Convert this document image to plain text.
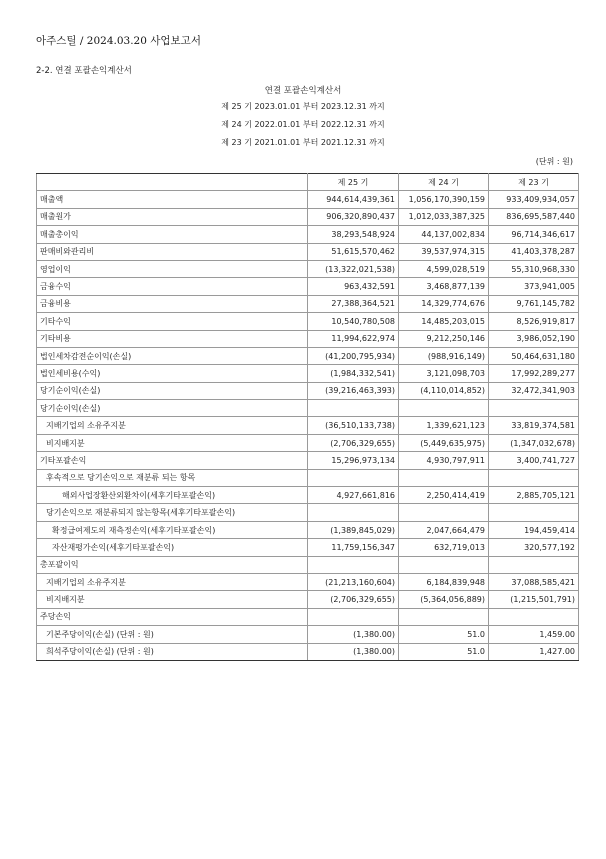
아주스틸 / 2024.03.20 사업보고서
2-2. 연결 포괄손익계산서
연결 포괄손익계산서
제 25 기 2023.01.01 부터 2023.12.31 까지
제 24 기 2022.01.01 부터 2022.12.31 까지
제 23 기 2021.01.01 부터 2021.12.31 까지
(단위 : 원)
	제 25 기	제 24 기	제 23 기
매출액	944,614,439,361	1,056,170,390,159	933,409,934,057
매출원가	906,320,890,437	1,012,033,387,325	836,695,587,440
매출총이익	38,293,548,924	44,137,002,834	96,714,346,617
판매비와관리비	51,615,570,462	39,537,974,315	41,403,378,287
영업이익	(13,322,021,538)	4,599,028,519	55,310,968,330
금융수익	963,432,591	3,468,877,139	373,941,005
금융비용	27,388,364,521	14,329,774,676	9,761,145,782
기타수익	10,540,780,508	14,485,203,015	8,526,919,817
기타비용	11,994,622,974	9,212,250,146	3,986,052,190
법인세차감전순이익(손실)	(41,200,795,934)	(988,916,149)	50,464,631,180
법인세비용(수익)	(1,984,332,541)	3,121,098,703	17,992,289,277
당기순이익(손실)	(39,216,463,393)	(4,110,014,852)	32,472,341,903
당기순이익(손실)			
지배기업의 소유주지분	(36,510,133,738)	1,339,621,123	33,819,374,581
비지배지분	(2,706,329,655)	(5,449,635,975)	(1,347,032,678)
기타포괄손익	15,296,973,134	4,930,797,911	3,400,741,727
후속적으로 당기손익으로 재분류 되는 항목			
해외사업장환산외환차이(세후기타포괄손익)	4,927,661,816	2,250,414,419	2,885,705,121
당기손익으로 재분류되지 않는항목(세후기타포괄손익)			
확정급여제도의 재측정손익(세후기타포괄손익)	(1,389,845,029)	2,047,664,479	194,459,414
자산재평가손익(세후기타포괄손익)	11,759,156,347	632,719,013	320,577,192
총포괄이익			
지배기업의 소유주지분	(21,213,160,604)	6,184,839,948	37,088,585,421
비지배지분	(2,706,329,655)	(5,364,056,889)	(1,215,501,791)
주당손익			
기본주당이익(손실) (단위 : 원)	(1,380.00)	51.0	1,459.00
희석주당이익(손실) (단위 : 원)	(1,380.00)	51.0	1,427.00
